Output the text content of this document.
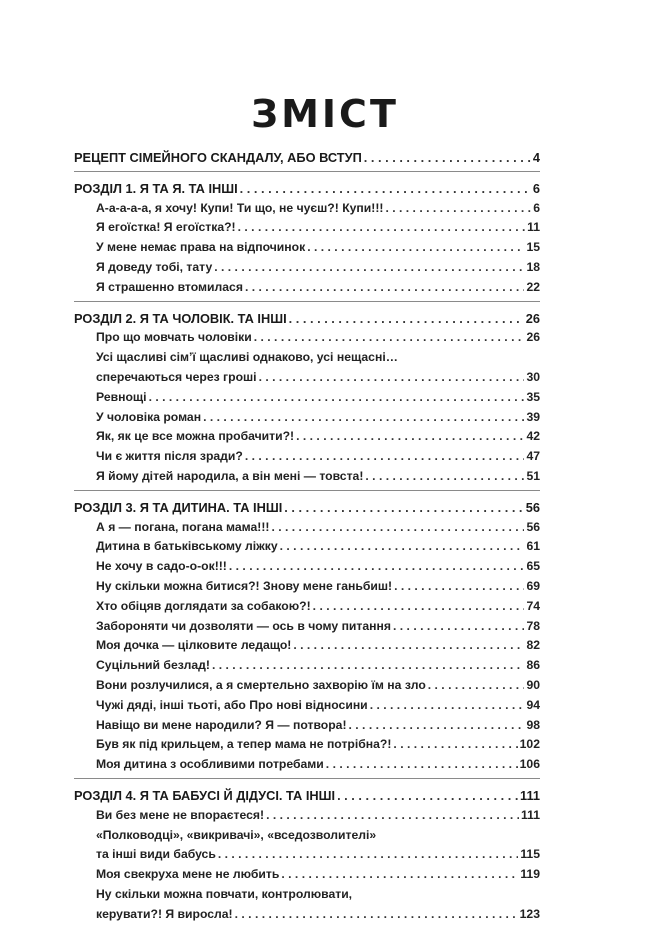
ЗМІСТ
РЕЦЕПТ СІМЕЙНОГО СКАНДАЛУ, АБО ВСТУП . . .	4
РОЗДІЛ 1. Я ТА Я. ТА ІНШІ . . .	6
А-а-а-а-а, я хочу! Купи! Ти що, не чуєш?! Купи!!! . . .	6
Я егоїстка! Я егоїстка?! . . .	11
У мене немає права на відпочинок . . .	15
Я доведу тобі, тату . . .	18
Я страшенно втомилася . . .	22
РОЗДІЛ 2. Я ТА ЧОЛОВІК. ТА ІНШІ . . .	26
Про що мовчать чоловіки . . .	26
Усі щасливі сім’ї щасливі однаково, усі нещасні…
сперечаються через гроші . . .	30
Ревнощі . . .	35
У чоловіка роман . . .	39
Як, як це все можна пробачити?! . . .	42
Чи є життя після зради? . . .	47
Я йому дітей народила, а він мені — товста! . . .	51
РОЗДІЛ 3. Я ТА ДИТИНА. ТА ІНШІ . . .	56
А я — погана, погана мама!!! . . .	56
Дитина в батьківському ліжку . . .	61
Не хочу в садо-о-ок!!! . . .	65
Ну скільки можна битися?! Знову мене ганьбиш! . . .	69
Хто обіцяв доглядати за собакою?! . . .	74
Забороняти чи дозволяти — ось в чому питання . . .	78
Моя дочка — цілковите ледащо! . . .	82
Суцільний безлад! . . .	86
Вони розлучилися, а я смертельно захворію їм на зло . . .	90
Чужі дяді, інші тьоті, або Про нові відносини . . .	94
Навіщо ви мене народили? Я — потвора! . . .	98
Був як під крильцем, а тепер мама не потрібна?! . . .	102
Моя дитина з особливими потребами . . .	106
РОЗДІЛ 4. Я ТА БАБУСІ Й ДІДУСІ. ТА ІНШІ . . .	111
Ви без мене не впораєтеся! . . .	111
«Полководці», «викривачі», «вседозволителі»
та інші види бабусь . . .	115
Моя свекруха мене не любить . . .	119
Ну скільки можна повчати, контролювати,
керувати?! Я виросла! . . .	123
